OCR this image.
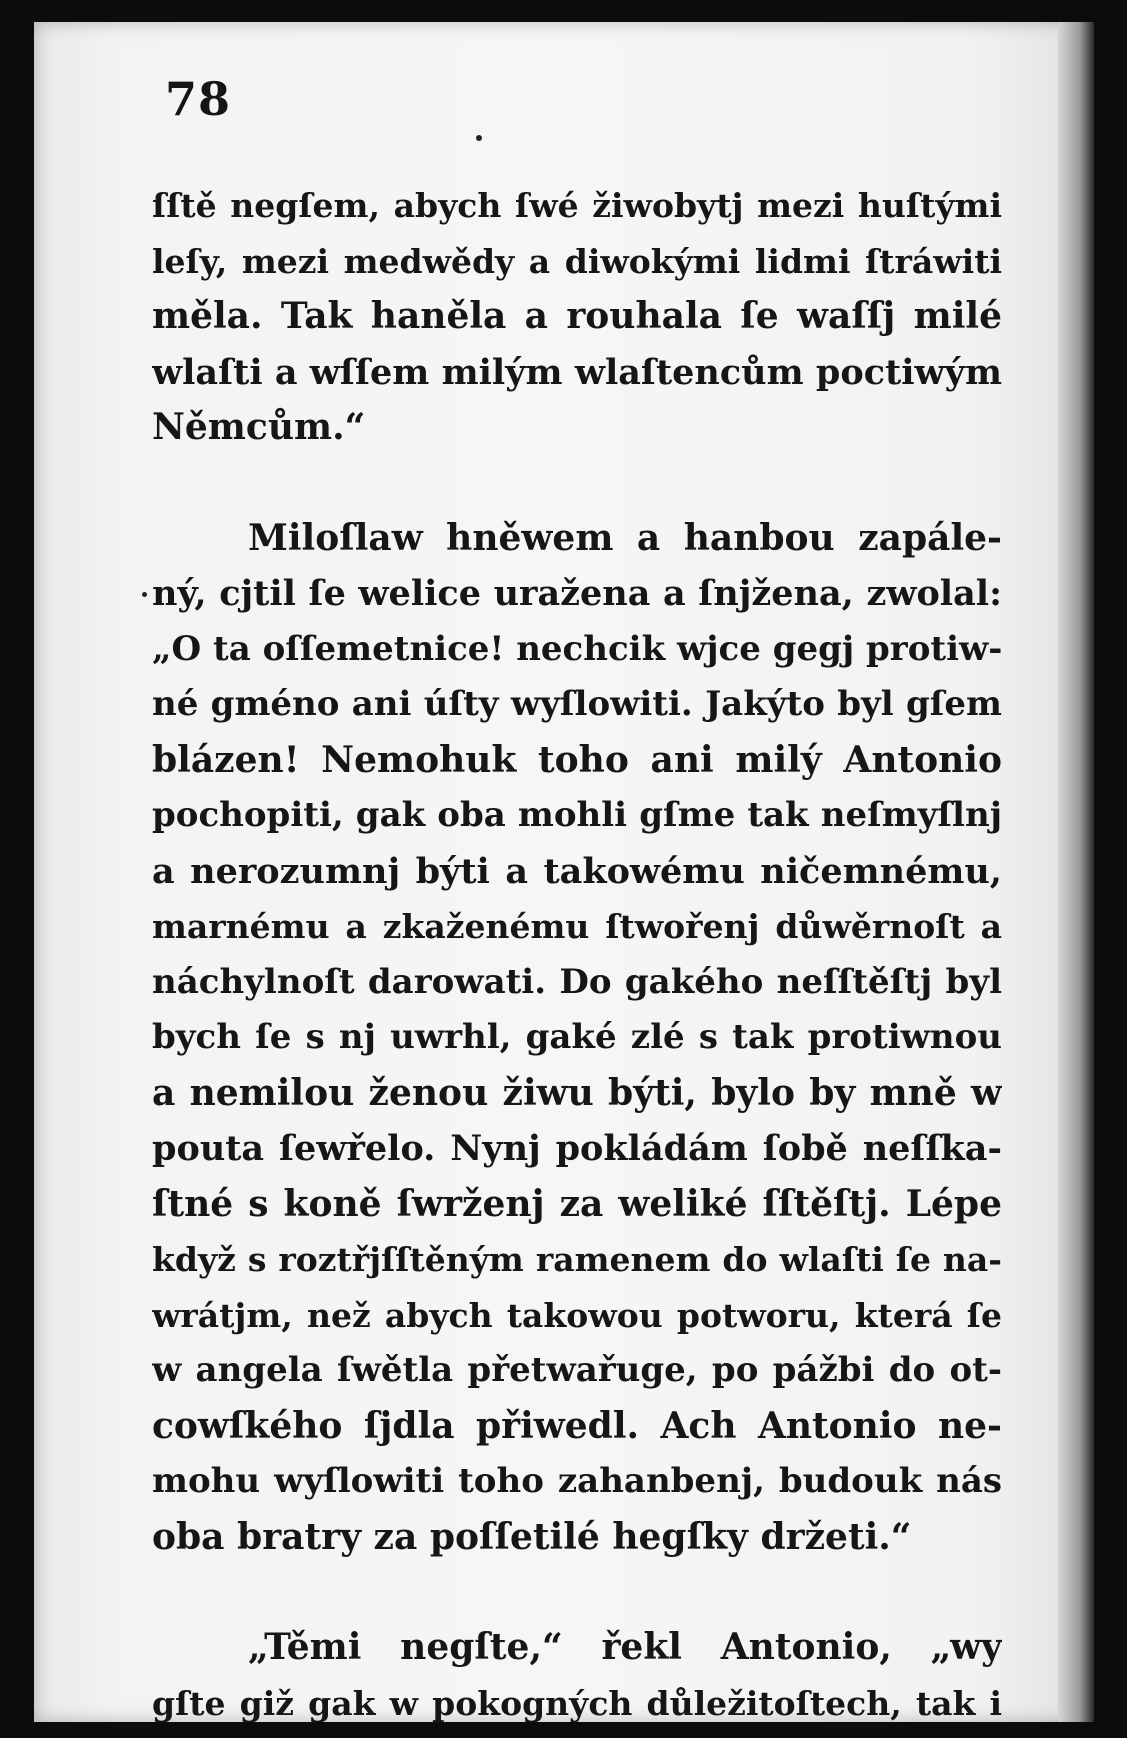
78
ſſtě negſem, abych ſwé žiwobytj mezi huſtými
leſy, mezi medwědy a diwokými lidmi ſtráwiti
měla. Tak haněla a rouhala ſe waſſj milé
wlaſti a wſſem milým wlaſtencům poctiwým
Němcům.“
Miloſlaw hněwem a hanbou zapále-
ný, cjtil ſe welice uražena a ſnjžena, zwolal:
„O ta oſſemetnice! nechcik wjce gegj protiw-
né gméno ani úſty wyſlowiti. Jakýto byl gſem
blázen! Nemohuk toho ani milý Antonio
pochopiti, gak oba mohli gſme tak neſmyſlnj
a nerozumnj býti a takowému ničemnému,
marnému a zkaženému ſtwořenj důwěrnoſt a
náchylnoſt darowati. Do gakého neſſtěſtj byl
bych ſe s nj uwrhl, gaké zlé s tak protiwnou
a nemilou ženou žiwu býti, bylo by mně w
pouta ſewřelo. Nynj pokládám ſobě neſſka-
ſtné s koně ſwrženj za weliké ſſtěſtj. Lépe
když s roztřjſſtěným ramenem do wlaſti ſe na-
wrátjm, než abych takowou potworu, která ſe
w angela ſwětla přetwařuge, po pážbi do ot-
cowſkého ſjdla přiwedl. Ach Antonio ne-
mohu wyſlowiti toho zahanbenj, budouk nás
oba bratry za poſſetilé hegſky držeti.“
„Těmi negſte,“ řekl Antonio, „wy
gſte giž gak w pokogných důležitoſtech, tak i
